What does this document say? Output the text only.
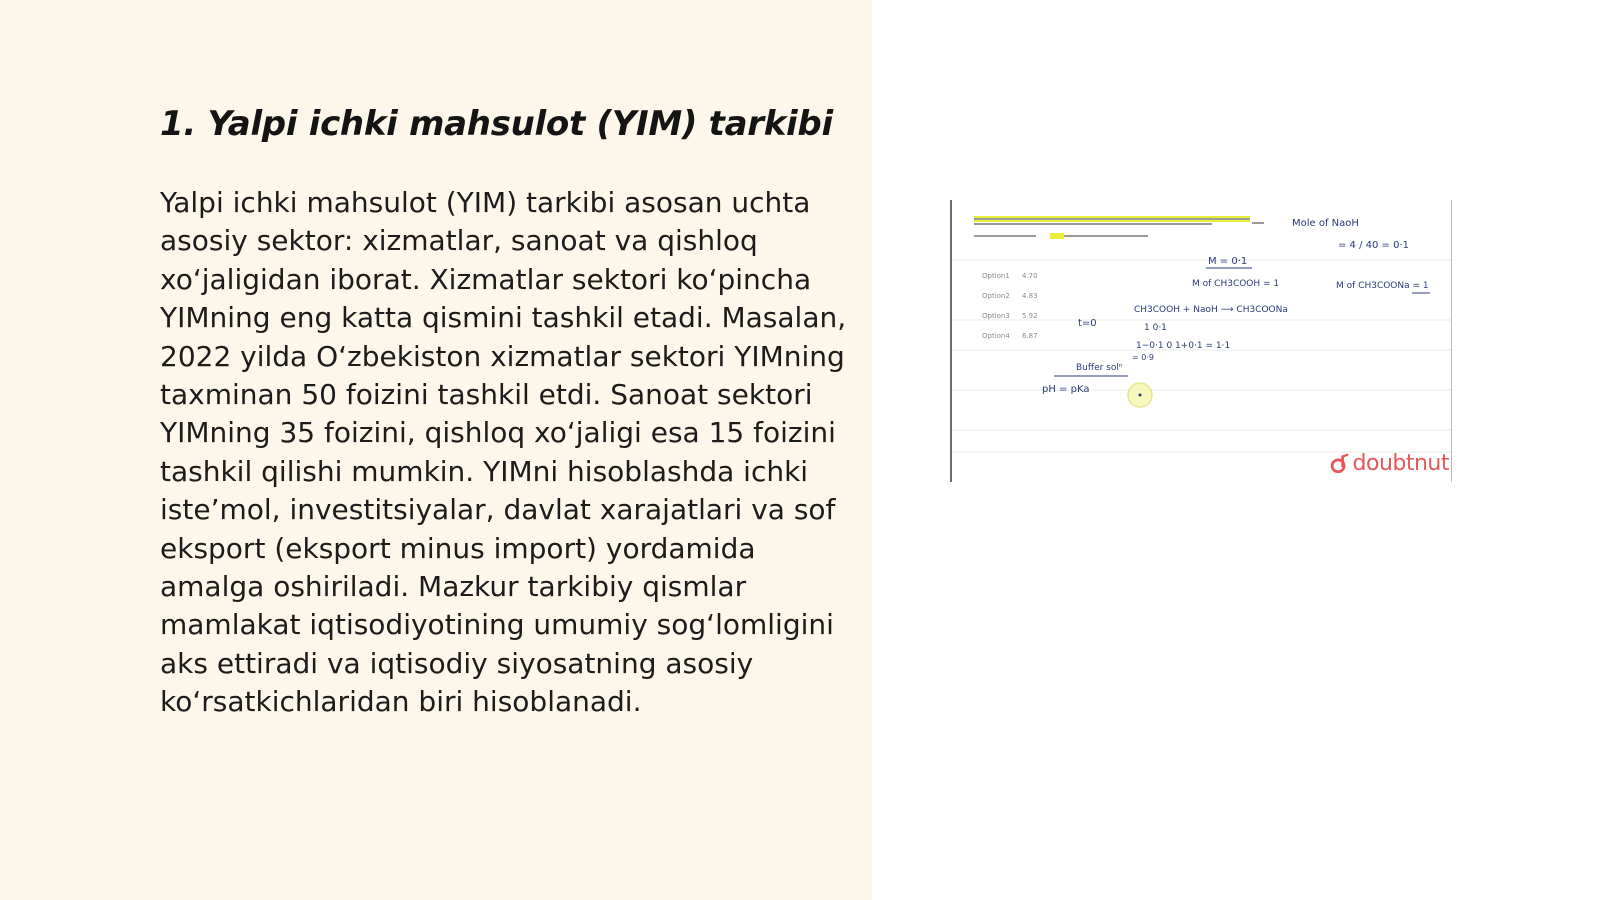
1. Yalpi ichki mahsulot (YIM) tarkibi

Yalpi ichki mahsulot (YIM) tarkibi asosan uchta asosiy sektor: xizmatlar, sanoat va qishloq xo‘jaligidan iborat. Xizmatlar sektori ko‘pincha YIMning eng katta qismini tashkil etadi. Masalan, 2022 yilda O‘zbekiston xizmatlar sektori YIMning taxminan 50 foizini tashkil etdi. Sanoat sektori YIMning 35 foizini, qishloq xo‘jaligi esa 15 foizini tashkil qilishi mumkin. YIMni hisoblashda ichki iste’mol, investitsiyalar, davlat xarajatlari va sof eksport (eksport minus import) yordamida amalga oshiriladi. Mazkur tarkibiy qismlar mamlakat iqtisodiyotining umumiy sog‘lomligini aks ettiradi va iqtisodiy siyosatning asosiy ko‘rsatkichlaridan biri hisoblanadi.

Option1 4.70
Option2 4.83
Option3 5.92
Option4 6.87
Mole of NaoH
= 4 / 40 = 0·1
M = 0·1
M of CH3COOH = 1	M of CH3COONa = 1
t=0
CH3COOH + NaoH ⟶ CH3COONa
1 0·1
1−0·1 0 1+0·1 = 1·1
= 0·9
Buffer solⁿ
pH = pKa
doubtnut
